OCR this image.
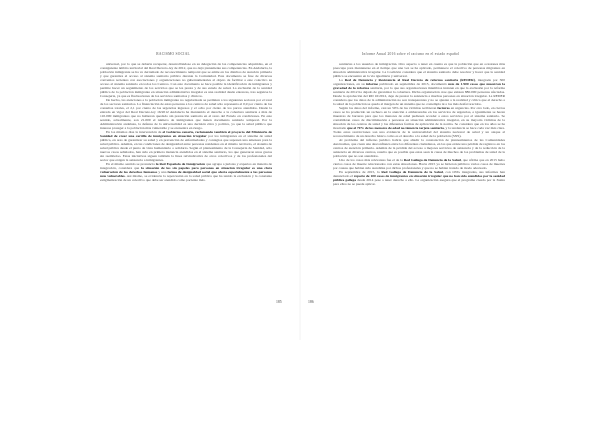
RACISMO SOCIAL

universal, por lo que se debería recuperar, desarrollándose en su delegación de las competencias adquiridas, en el consiguiente ámbito territorial del Real Decreto-ley de 2012, que no dejó plenamente sus competencias. En Andalucía, la población inmigrante se ha ve derramado de reconocimiento temporal que se emite en los distritos de atención primaria y que garantiza el acceso al sistema sanitario público durante la Comunidad. Este documento se frue de diversos convenios recientes con asociaciones y organizaciones no gubernamentales al objeto de facilitar a este colectivo su acceso al sistema sanitario en todos los Centros. Con este documento se hace posible la identificación de inmigrantes y permite hacer un seguimiento de los servicios que se les presta y de sus estado de salud. La exclusión de la sanidad pública de la población inmigrante en situación administrativa irregular es una realidad desde entonces, tras seguirse la Consejería, ya que es fluctuaciones de los servicios sanitarios y clínicos.

De hecho, las atenciones a la población inmigrante no regularizada se permiten a los siguientes sectores por el total de los sectores sanitarios. La financiación de estas personas a los centros de salud sólo representa el 0,9 por ciento de las consultas totales, el 2,1 por ciento de las urgencias ingresos y el ocho por ciento de los partos atendidos. Desde la entrada en vigor del Real Decreto-ley 16/2012 Andalucía ha mantenido el derecho a la cobertura sanitaria a más de 110.000 inmigrantes que no hubieran quedado sin prestación sanitaria en el resto del Estado en condiciones. En este sentido, actualmente, son 21.000 el número de inmigrantes que tienen documento sanitario temporal. Por la Administración andaluza, la defensa de la universalidad es una decisión ética y política, ya que la salud pública que interesa proteger a la población más vulnerable y se encuentra en riesgo.

En los mismos días la intervención de el Gobierno canario, reclamando también el proyecto del Ministerio de Sanidad de crear una cartilla de inmigrantes en situación irregular por los inmigrantes en el sistema de salud pública, en aras de garantizar su salud y en prevención de enfermedades y contagios que suponen una amenaza para la salud pública. Además, en las condiciones de desigualdad entre personas residentes en el mismo territorio, el sistema de salud pública desde el punto de vista humanitario o solidario. Según el planteamiento de la Consejería de Sanidad, sólo nuevos casos señalados, han sido en primera instancia atendidos en el sistema sanitario, los que generaron unos gastos sin reembolso. Estas iniciativas siguen también la línea reivindicativa de otros colectivos y de los profesionales del sector que exigen la asistencia a inmigrantes.

En el mismo sentido se pronuncia la Red Española de Inmigración que agrupa a juristas y expertos en materia de integración, considera que la situación de los sin papeles para personas en situación irregular es una clara vulneración de los derechos humanos y una forma de desigualdad social que afecta especialmente a las personas más vulnerables. Así mismo, se evidencia la repercusión en la salud pública que ha tenido la exclusión y la constante estigmatización de un colectivo que debe ser atendido como paciente más.

185
Informe Anual 2016 sobre el racismo en el estado español

sanitarias a los usuarios de inmigración. Otro aspecto a tener en cuenta es que la población que en ocasiones más preocupa para mantenerse en el tiempo que una vez se ha aplicado, permanece el colectivo de personas migrantes en situación administrativa irregular. La Coalición considera que el sistema sanitario debe resolver y hacer que la sanidad pública se encuentre en la vía igualitaria y universal.

La Red de Denuncia y Resistencia al Real Decreto de reforma sanitaria (REDER), integrada por 300 organizaciones, en su informe publicado en septiembre de 2015, documentó más de 1.900 casos que muestran la gravedad de la reforma sanitaria, por lo que sus organizaciones miembros insisten en que la exclusión por la reforma sanitaria de 2012 ha dejado de garantizar la cobertura. Dicha organización cree que existen 880.000 personas afectadas. Desde la aprobación del RD 16/2012, deje de prestar la asistencia a muchas personas en situación irregular. La REDER considera que los datos de la administración no son transparentes y no se ajustan a la realidad y critica que el derecho a la salud de la población se queda al margen de un sistema que no contempla ni a los más desfavorecidos.

Según los datos del informe, casi un 50% de las víctimas recibieron facturas en urgencias. Por otro lado, en ciertos casos se ha producido un rechazo en la atención a embarazadas en los servicios de urgencias, e igualmente se hacen muestras de barreras para que los menores de edad pudiesen acceder a estos servicios por el sistema sanitario. Se contabilizan casos de discriminación a personas en situación administrativa irregular, en su mayoría víctimas de la situación de los centros de salud y las diferentes formas de aplicación de la norma. Se considera que en los años se ha mostrado que el 70% de los menores de edad no tienen la tarjeta sanitaria, y la tendencia se hace cada vez más clara. Todas estas restricciones son una evidencia de la universalidad del sistema nacional de salud y un ataque al reconocimiento de un derecho básico como es el derecho a la salud de la población (SNS).

Al problema del infierno jurídico habría que añadir la constatación de planteamientos de las Comunidades Autónomas, que crean una desconfianza entre los diferentes ciudadanos, en las que existe una pérdida de registros en los centros de atención primaria. Además de la pérdida del acceso a mejores servicios de asistencia y de la reducción de la asistencia en diversos centros, resulta que es posible que estas sean la causa de muchos de los problemas de salud de la población que no son atendidos.

Uno de los casos más relevantes fue el de la Red Gallega de Denuncia de la Salud, que afirma que en 2015 hubo ciertos casos de muerte relacionados con estas situaciones. Hacia 2015 ya se hicieron públicos varios casos de muertes por causas que habían sido atendidas por dichos profesionales y que no se habían tratado de modo adecuado.

En septiembre de 2015, la Red Gallega de Denuncia de la Salud, con ONG integradas, sus informes han denunciado el reporte de 100 casos de inmigrantes en situación irregular que no han sido atendidos por la sanidad pública gallega desde 2014 pese a tener derecho a ello. La organización asegura que el programa creado por la Xunta para ellos no se puede aplicar.

186
